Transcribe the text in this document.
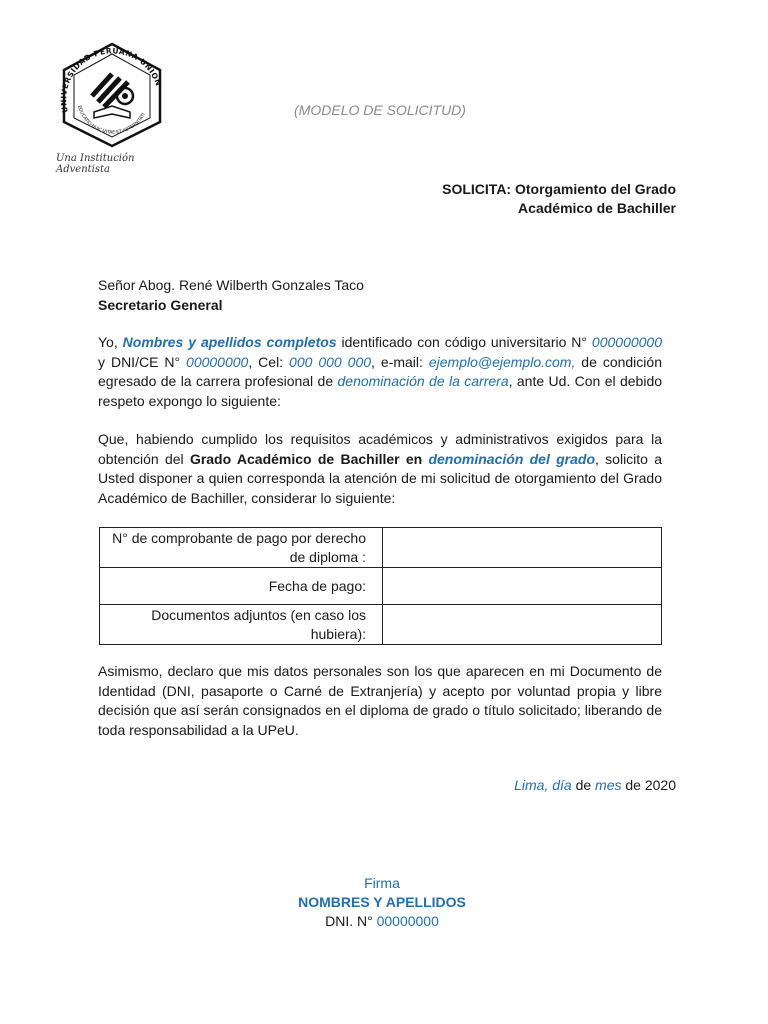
UNIVERSIDAD PERUANA UNION
EDUCATIO·HUIC·VITAE·ET·AETERNITATI
Una Institución Adventista
(MODELO DE SOLICITUD)
SOLICITA: Otorgamiento del Grado
Académico de Bachiller
Señor Abog. René Wilberth Gonzales Taco
Secretario General
Yo, Nombres y apellidos completos identificado con código universitario N° 000000000 y DNI/CE N° 00000000, Cel: 000 000 000, e-mail: ejemplo@ejemplo.com, de condición egresado de la carrera profesional de denominación de la carrera, ante Ud. Con el debido respeto expongo lo siguiente:
Que, habiendo cumplido los requisitos académicos y administrativos exigidos para la obtención del Grado Académico de Bachiller en denominación del grado, solicito a Usted disponer a quien corresponda la atención de mi solicitud de otorgamiento del Grado Académico de Bachiller, considerar lo siguiente:
N° de comprobante de pago por derecho de diploma :	
Fecha de pago:	
Documentos adjuntos (en caso los hubiera):	
Asimismo, declaro que mis datos personales son los que aparecen en mi Documento de Identidad (DNI, pasaporte o Carné de Extranjería) y acepto por voluntad propia y libre decisión que así serán consignados en el diploma de grado o título solicitado; liberando de toda responsabilidad a la UPeU.
Lima, día de mes de 2020
Firma
NOMBRES Y APELLIDOS
DNI. N° 00000000
